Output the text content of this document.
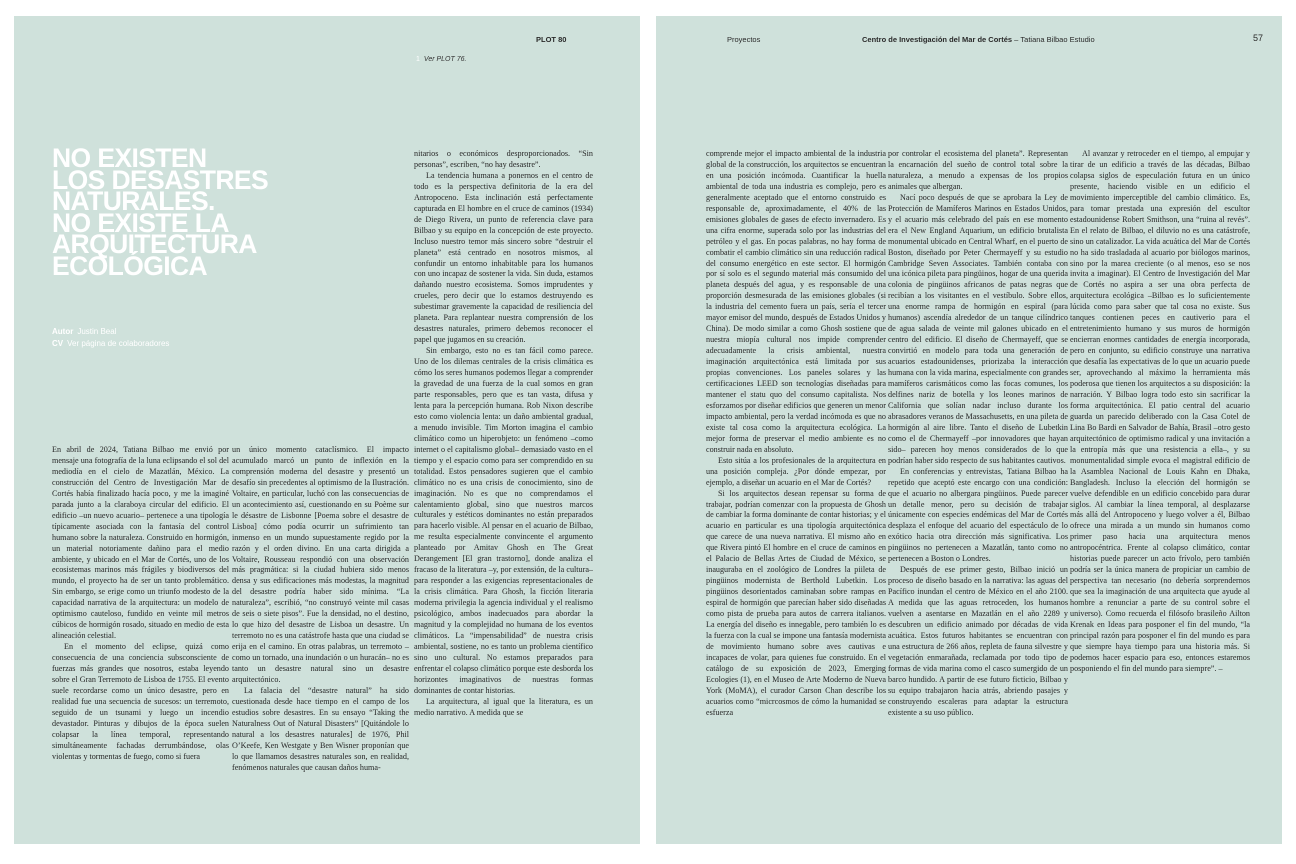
PLOT 80
1 Ver PLOT 76.
NO EXISTEN
LOS DESASTRES
NATURALES.
NO EXISTE LA
ARQUITECTURA
ECOLÓGICA
Autor Justin Beal
CV Ver página de colaboradores

En abril de 2024, Tatiana Bilbao me envió por mensaje una fotografía de la luna eclipsando el sol del mediodía en el cielo de Mazatlán, México. La construcción del Centro de Investigación Mar de Cortés había finalizado hacía poco, y me la imaginé parada junto a la claraboya circular del edificio. El edificio –un nuevo acuario– pertenece a una tipología típicamente asociada con la fantasía del control humano sobre la naturaleza. Construido en hormigón, un material notoriamente dañino para el medio ambiente, y ubicado en el Mar de Cortés, uno de los ecosistemas marinos más frágiles y biodiversos del mundo, el proyecto ha de ser un tanto problemático. Sin embargo, se erige como un triunfo modesto de la capacidad narrativa de la arquitectura: un modelo de optimismo cauteloso, fundido en veinte mil metros cúbicos de hormigón rosado, situado en medio de esta alineación celestial.

En el momento del eclipse, quizá como consecuencia de una conciencia subsconsciente de fuerzas más grandes que nosotros, estaba leyendo sobre el Gran Terremoto de Lisboa de 1755. El evento suele recordarse como un único desastre, pero en realidad fue una secuencia de sucesos: un terremoto, seguido de un tsunami y luego un incendio devastador. Pinturas y dibujos de la época suelen colapsar la línea temporal, representando simultáneamente fachadas derrumbándose, olas violentas y tormentas de fuego, como si fuera

un único momento cataclísmico. El impacto acumulado marcó un punto de inflexión en la comprensión moderna del desastre y presentó un desafío sin precedentes al optimismo de la Ilustración. Voltaire, en particular, luchó con las consecuencias de un acontecimiento así, cuestionando en su Poème sur le désastre de Lisbonne [Poema sobre el desastre de Lisboa] cómo podía ocurrir un sufrimiento tan inmenso en un mundo supuestamente regido por la razón y el orden divino. En una carta dirigida a Voltaire, Rousseau respondió con una observación más pragmática: si la ciudad hubiera sido menos densa y sus edificaciones más modestas, la magnitud del desastre podría haber sido mínima. “La naturaleza”, escribió, “no construyó veinte mil casas de seis o siete pisos”. Fue la densidad, no el destino, lo que hizo del desastre de Lisboa un desastre. Un terremoto no es una catástrofe hasta que una ciudad se erija en el camino. En otras palabras, un terremoto –como un tornado, una inundación o un huracán– no es tanto un desastre natural sino un desastre arquitectónico.

La falacia del “desastre natural” ha sido cuestionada desde hace tiempo en el campo de los estudios sobre desastres. En su ensayo “Taking the Naturalness Out of Natural Disasters” [Quitándole lo natural a los desastres naturales] de 1976, Phil O’Keefe, Ken Westgate y Ben Wisner proponían que lo que llamamos desastres naturales son, en realidad, fenómenos naturales que causan daños huma-

nitarios o económicos desproporcionados. “Sin personas”, escriben, “no hay desastre”.

La tendencia humana a ponernos en el centro de todo es la perspectiva definitoria de la era del Antropoceno. Esta inclinación está perfectamente capturada en El hombre en el cruce de caminos (1934) de Diego Rivera, un punto de referencia clave para Bilbao y su equipo en la concepción de este proyecto. Incluso nuestro temor más sincero sobre “destruir el planeta” está centrado en nosotros mismos, al confundir un entorno inhabitable para los humanos con uno incapaz de sostener la vida. Sin duda, estamos dañando nuestro ecosistema. Somos imprudentes y crueles, pero decir que lo estamos destruyendo es subestimar gravemente la capacidad de resiliencia del planeta. Para replantear nuestra comprensión de los desastres naturales, primero debemos reconocer el papel que jugamos en su creación.

Sin embargo, esto no es tan fácil como parece. Uno de los dilemas centrales de la crisis climática es cómo los seres humanos podemos llegar a comprender la gravedad de una fuerza de la cual somos en gran parte responsables, pero que es tan vasta, difusa y lenta para la percepción humana. Rob Nixon describe esto como violencia lenta: un daño ambiental gradual, a menudo invisible. Tim Morton imagina el cambio climático como un hiperobjeto: un fenómeno –como internet o el capitalismo global– demasiado vasto en el tiempo y el espacio como para ser comprendido en su totalidad. Estos pensadores sugieren que el cambio climático no es una crisis de conocimiento, sino de imaginación. No es que no comprendamos el calentamiento global, sino que nuestros marcos culturales y estéticos dominantes no están preparados para hacerlo visible. Al pensar en el acuario de Bilbao, me resulta especialmente convincente el argumento planteado por Amitav Ghosh en The Great Derangement [El gran trastorno], donde analiza el fracaso de la literatura –y, por extensión, de la cultura– para responder a las exigencias representacionales de la crisis climática. Para Ghosh, la ficción literaria moderna privilegia la agencia individual y el realismo psicológico, ambos inadecuados para abordar la magnitud y la complejidad no humana de los eventos climáticos. La “impensabilidad” de nuestra crisis ambiental, sostiene, no es tanto un problema científico sino uno cultural. No estamos preparados para enfrentar el colapso climático porque este desborda los horizontes imaginativos de nuestras formas dominantes de contar historias.

La arquitectura, al igual que la literatura, es un medio narrativo. A medida que se

Proyectos	Centro de Investigación del Mar de Cortés – Tatiana Bilbao Estudio	57

comprende mejor el impacto ambiental de la industria global de la construcción, los arquitectos se encuentran en una posición incómoda. Cuantificar la huella ambiental de toda una industria es complejo, pero es generalmente aceptado que el entorno construido es responsable de, aproximadamente, el 40% de las emisiones globales de gases de efecto invernadero. Es una cifra enorme, superada solo por las industrias del petróleo y el gas. En pocas palabras, no hay forma de combatir el cambio climático sin una reducción radical del consumo energético en este sector. El hormigón por sí solo es el segundo material más consumido del planeta después del agua, y es responsable de una proporción desmesurada de las emisiones globales (si la industria del cemento fuera un país, sería el tercer mayor emisor del mundo, después de Estados Unidos y China). De modo similar a como Ghosh sostiene que nuestra miopía cultural nos impide comprender adecuadamente la crisis ambiental, nuestra imaginación arquitectónica está limitada por sus propias convenciones. Los paneles solares y las certificaciones LEED son tecnologías diseñadas para mantener el statu quo del consumo capitalista. Nos esforzamos por diseñar edificios que generen un menor impacto ambiental, pero la verdad incómoda es que no existe tal cosa como la arquitectura ecológica. La mejor forma de preservar el medio ambiente es no construir nada en absoluto.

Esto sitúa a los profesionales de la arquitectura en una posición compleja. ¿Por dónde empezar, por ejemplo, a diseñar un acuario en el Mar de Cortés?

Si los arquitectos desean repensar su forma de trabajar, podrían comenzar con la propuesta de Ghosh de cambiar la forma dominante de contar historias; y el acuario en particular es una tipología arquitectónica que carece de una nueva narrativa. El mismo año en que Rivera pintó El hombre en el cruce de caminos en el Palacio de Bellas Artes de Ciudad de México, se inauguraba en el zoológico de Londres la piileta de pingüinos modernista de Berthold Lubetkin. Los pingüinos desorientados caminaban sobre rampas en espiral de hormigón que parecían haber sido diseñadas como pista de prueba para autos de carrera italianos. La energía del diseño es innegable, pero también lo es la fuerza con la cual se impone una fantasía modernista de movimiento humano sobre aves cautivas e incapaces de volar, para quienes fue construido. En el catálogo de su exposición de 2023, Emerging Ecologies (1), en el Museo de Arte Moderno de Nueva York (MoMA), el curador Carson Chan describe los acuarios como “micrcosmos de cómo la humanidad se esfuerza

por controlar el ecosistema del planeta”. Representan la encarnación del sueño de control total sobre la naturaleza, a menudo a expensas de los propios animales que albergan.

Nací poco después de que se aprobara la Ley de Protección de Mamíferos Marinos en Estados Unidos, y el acuario más celebrado del país en ese momento era el New England Aquarium, un edificio brutalista monumental ubicado en Central Wharf, en el puerto de Boston, diseñado por Peter Chermayeff y su estudio Cambridge Seven Associates. También contaba con una icónica pileta para pingüinos, hogar de una querida colonia de pingüinos africanos de patas negras que recibían a los visitantes en el vestíbulo. Sobre ellos, una enorme rampa de hormigón en espiral (para humanos) ascendía alrededor de un tanque cilíndrico de agua salada de veinte mil galones ubicado en el centro del edificio. El diseño de Chermayeff, que se convirtió en modelo para toda una generación de acuarios estadounidenses, priorizaba la interacción humana con la vida marina, especialmente con grandes mamíferos carismáticos como las focas comunes, los delfines nariz de botella y los leones marinos de California que solían nadar incluso durante los abrasadores veranos de Massachusetts, en una pileta de hormigón al aire libre. Tanto el diseño de Lubetkin como el de Chermayeff –por innovadores que hayan sido– parecen hoy menos considerados de lo que podrían haber sido respecto de sus habitantes cautivos.

En conferencias y entrevistas, Tatiana Bilbao ha repetido que aceptó este encargo con una condición: que el acuario no albergara pingüinos. Puede parecer un detalle menor, pero su decisión de trabajar únicamente con especies endémicas del Mar de Cortés desplaza el enfoque del acuario del espectáculo de lo exótico hacia otra dirección más significativa. Los pingüinos no pertenecen a Mazatlán, tanto como no pertenecen a Boston o Londres.

Después de ese primer gesto, Bilbao inició un proceso de diseño basado en la narrativa: las aguas del Pacífico inundan el centro de México en el año 2100. A medida que las aguas retroceden, los humanos vuelven a asentarse en Mazatlán en el año 2289 y descubren un edificio animado por décadas de vida acuática. Estos futuros habitantes se encuentran con una estructura de 266 años, repleta de fauna silvestre y vegetación enmarañada, reclamada por todo tipo de formas de vida marina como el casco sumergido de un barco hundido. A partir de ese futuro ficticio, Bilbao y su equipo trabajaron hacia atrás, abriendo pasajes y construyendo escaleras para adaptar la estructura existente a su uso público.

Al avanzar y retroceder en el tiempo, al empujar y tirar de un edificio a través de las décadas, Bilbao colapsa siglos de especulación futura en un único presente, haciendo visible en un edificio el movimiento imperceptible del cambio climático. Es, para tomar prestada una expresión del escultor estadounidense Robert Smithson, una “ruina al revés”. En el relato de Bilbao, el diluvio no es una catástrofe, sino un catalizador. La vida acuática del Mar de Cortés no ha sido trasladada al acuario por biólogos marinos, sino por la marea creciente (o al menos, eso se nos invita a imaginar). El Centro de Investigación del Mar de Cortés no aspira a ser una obra perfecta de arquitectura ecológica –Bilbao es lo suficientemente lúcida como para saber que tal cosa no existe. Sus tanques contienen peces en cautiverio para el entretenimiento humano y sus muros de hormigón encierran enormes cantidades de energía incorporada, pero en conjunto, su edificio construye una narrativa que desafía las expectativas de lo que un acuario puede ser, aprovechando al máximo la herramienta más poderosa que tienen los arquitectos a su disposición: la narración. Y Bilbao logra todo esto sin sacrificar la forma arquitectónica. El patio central del acuario guarda un parecido deliberado con la Casa Cotel de Lina Bo Bardi en Salvador de Bahía, Brasil –otro gesto arquitectónico de optimismo radical y una invitación a la entropía más que una resistencia a ella–, y su monumentalidad simple evoca el magistral edificio de la Asamblea Nacional de Louis Kahn en Dhaka, Bangladesh. Incluso la elección del hormigón se vuelve defendible en un edificio concebido para durar siglos. Al cambiar la línea temporal, al desplazarse más allá del Antropoceno y luego volver a él, Bilbao ofrece una mirada a un mundo sin humanos como primer paso hacia una arquitectura menos antropocéntrica. Frente al colapso climático, contar historias puede parecer un acto frívolo, pero también podría ser la única manera de propiciar un cambio de perspectiva tan necesario (no debería sorprendernos que sea la imaginación de una arquitecta que ayude al hombre a renunciar a parte de su control sobre el universo). Como recuerda el filósofo brasileño Ailton Krenak en Ideas para posponer el fin del mundo, “la principal razón para posponer el fin del mundo es para que siempre haya tiempo para una historia más. Si podemos hacer espacio para eso, entonces estaremos posponiendo el fin del mundo para siempre”. –
